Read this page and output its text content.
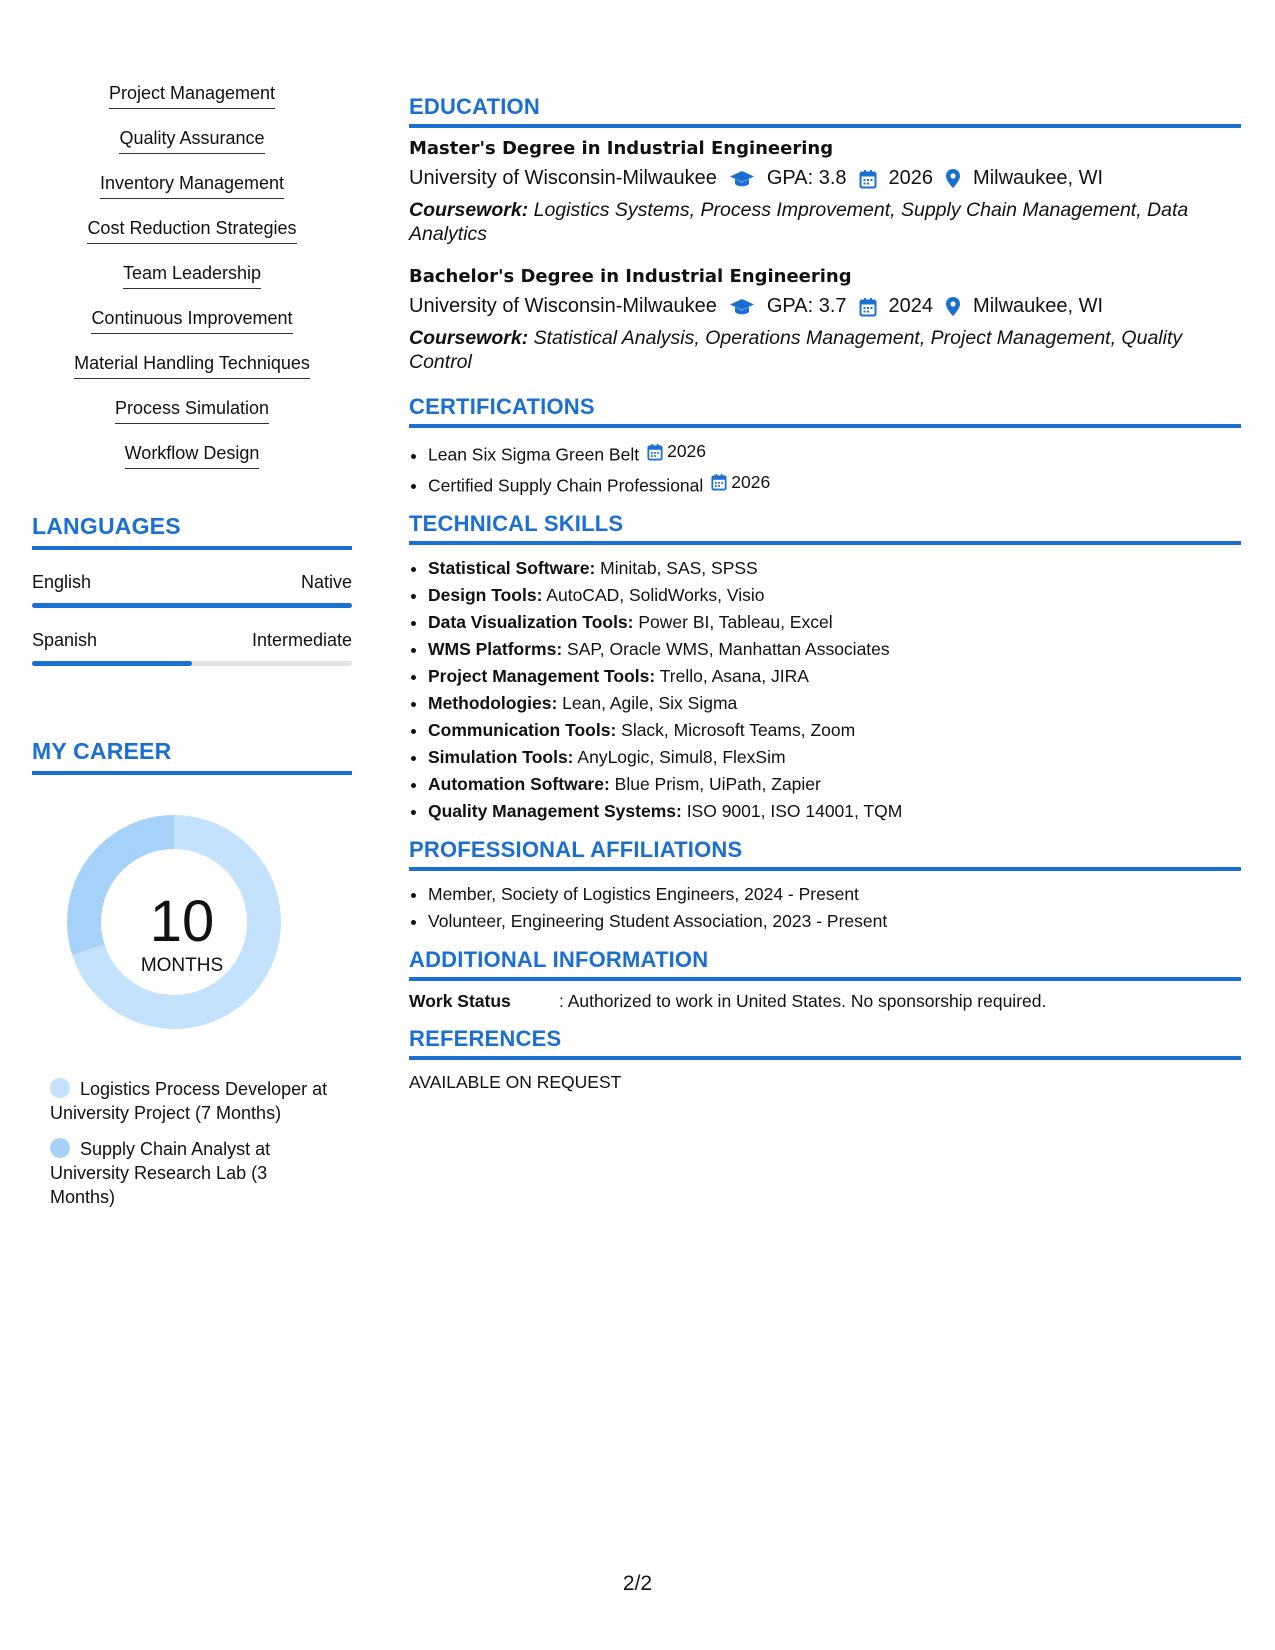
Project Management
Quality Assurance
Inventory Management
Cost Reduction Strategies
Team Leadership
Continuous Improvement
Material Handling Techniques
Process Simulation
Workflow Design
LANGUAGES
English	Native
Spanish	Intermediate
MY CAREER
10
MONTHS
Logistics Process Developer at University Project (7 Months)
Supply Chain Analyst at University Research Lab (3 Months)
EDUCATION
Master's Degree in Industrial Engineering
University of Wisconsin-Milwaukee	GPA: 3.8 2026 Milwaukee, WI
Coursework: Logistics Systems, Process Improvement, Supply Chain Management, Data Analytics
Bachelor's Degree in Industrial Engineering
University of Wisconsin-Milwaukee	GPA: 3.7 2024 Milwaukee, WI
Coursework: Statistical Analysis, Operations Management, Project Management, Quality Control
CERTIFICATIONS
• Lean Six Sigma Green Belt 2026
• Certified Supply Chain Professional 2026
TECHNICAL SKILLS
• Statistical Software: Minitab, SAS, SPSS
• Design Tools: AutoCAD, SolidWorks, Visio
• Data Visualization Tools: Power BI, Tableau, Excel
• WMS Platforms: SAP, Oracle WMS, Manhattan Associates
• Project Management Tools: Trello, Asana, JIRA
• Methodologies: Lean, Agile, Six Sigma
• Communication Tools: Slack, Microsoft Teams, Zoom
• Simulation Tools: AnyLogic, Simul8, FlexSim
• Automation Software: Blue Prism, UiPath, Zapier
• Quality Management Systems: ISO 9001, ISO 14001, TQM
PROFESSIONAL AFFILIATIONS
• Member, Society of Logistics Engineers, 2024 - Present
• Volunteer, Engineering Student Association, 2023 - Present
ADDITIONAL INFORMATION
Work Status	: Authorized to work in United States. No sponsorship required.
REFERENCES
AVAILABLE ON REQUEST
2/2
